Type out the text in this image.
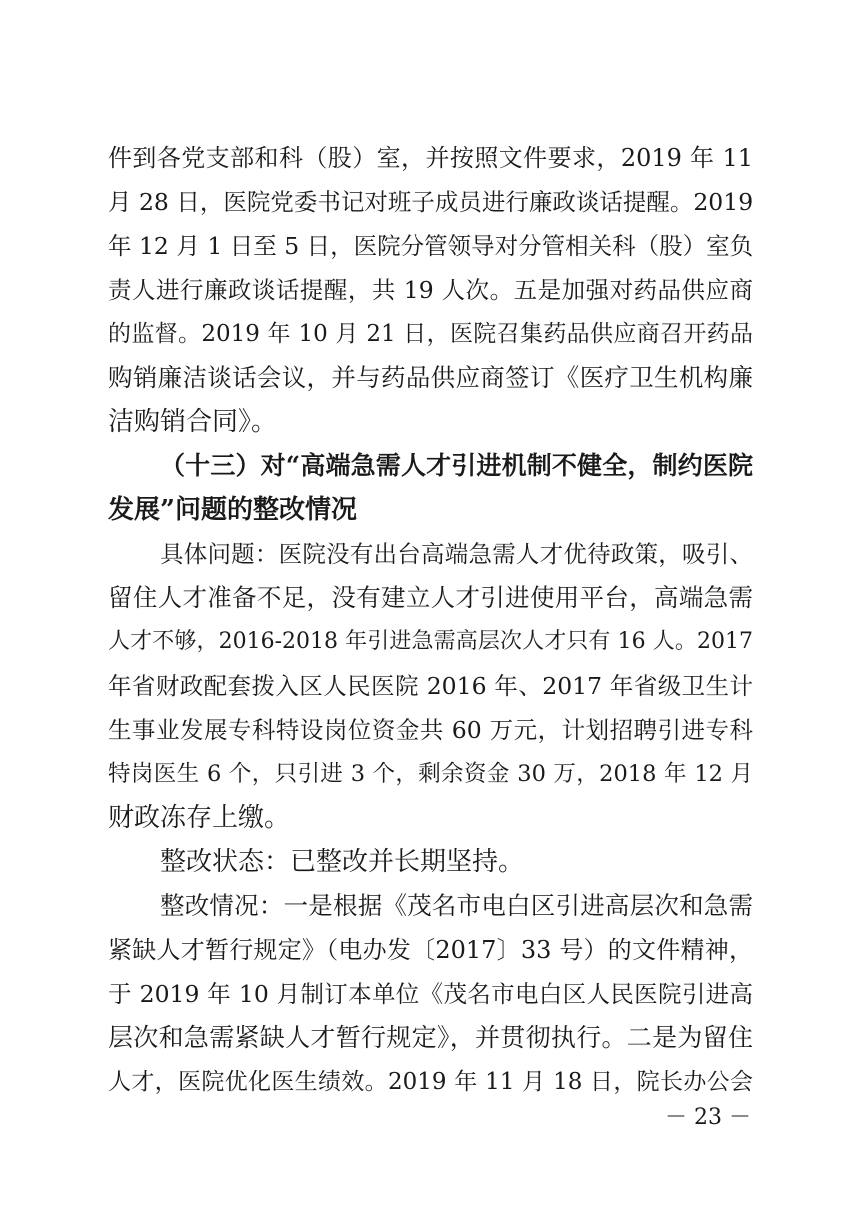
件到各党支部和科（股）室，并按照文件要求，2019 年 11
月 28 日，医院党委书记对班子成员进行廉政谈话提醒。2019
年 12 月 1 日至 5 日，医院分管领导对分管相关科（股）室负
责人进行廉政谈话提醒，共 19 人次。五是加强对药品供应商
的监督。2019 年 10 月 21 日，医院召集药品供应商召开药品
购销廉洁谈话会议，并与药品供应商签订《医疗卫生机构廉
洁购销合同》。
（十三）对“高端急需人才引进机制不健全，制约医院
发展”问题的整改情况
具体问题：医院没有出台高端急需人才优待政策，吸引、
留住人才准备不足，没有建立人才引进使用平台，高端急需
人才不够，2016-2018 年引进急需高层次人才只有 16 人。2017
年省财政配套拨入区人民医院 2016 年、2017 年省级卫生计
生事业发展专科特设岗位资金共 60 万元，计划招聘引进专科
特岗医生 6 个，只引进 3 个，剩余资金 30 万，2018 年 12 月
财政冻存上缴。
整改状态：已整改并长期坚持。
整改情况：一是根据《茂名市电白区引进高层次和急需
紧缺人才暂行规定》（电办发〔2017〕33 号）的文件精神，
于 2019 年 10 月制订本单位《茂名市电白区人民医院引进高
层次和急需紧缺人才暂行规定》，并贯彻执行。二是为留住
人才，医院优化医生绩效。2019 年 11 月 18 日，院长办公会
－ 23 －
